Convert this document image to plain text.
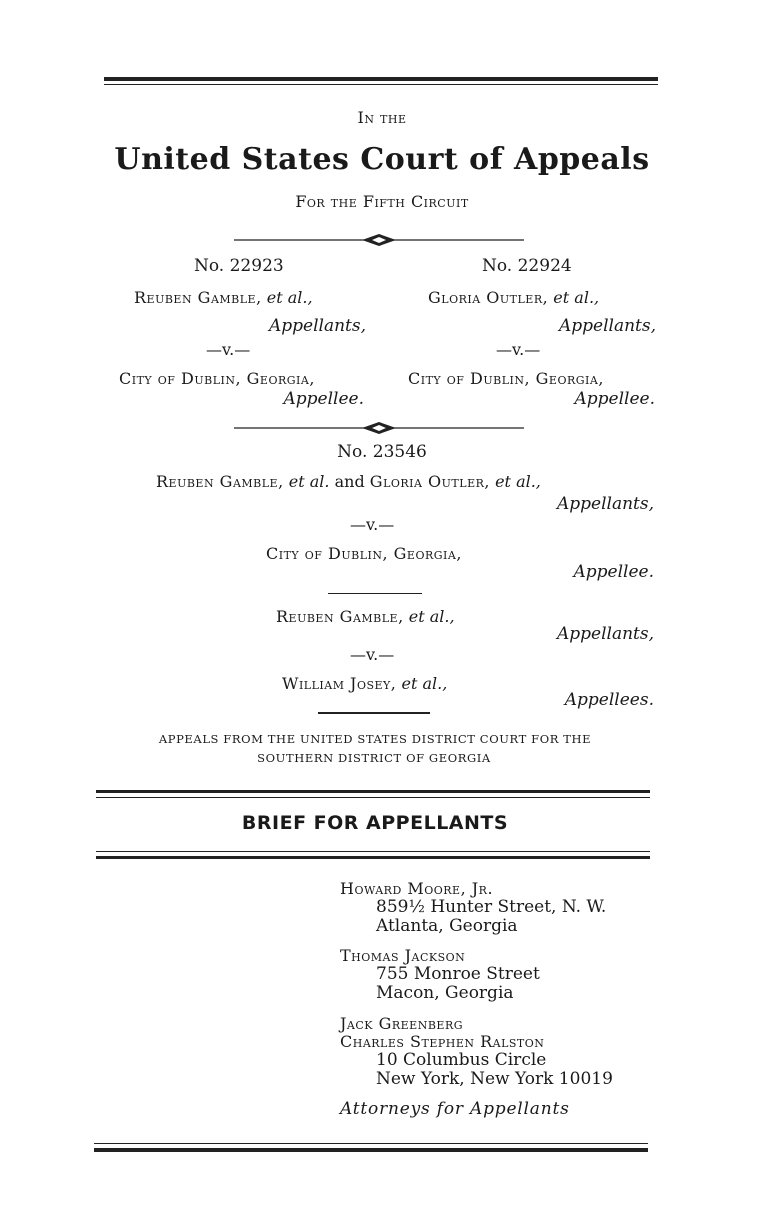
In the
United States Court of Appeals
For the Fifth Circuit
No. 22923
Reuben Gamble, et al.,
Appellants,
—v.—
City of Dublin, Georgia,
Appellee.
No. 22924
Gloria Outler, et al.,
Appellants,
—v.—
City of Dublin, Georgia,
Appellee.
No. 23546
Reuben Gamble, et al. and Gloria Outler, et al.,
Appellants,
—v.—
City of Dublin, Georgia,
Appellee.
Reuben Gamble, et al.,
Appellants,
—v.—
William Josey, et al.,
Appellees.
APPEALS FROM THE UNITED STATES DISTRICT COURT FOR THE
SOUTHERN DISTRICT OF GEORGIA
BRIEF FOR APPELLANTS
Howard Moore, Jr.
859½ Hunter Street, N. W.
Atlanta, Georgia
Thomas Jackson
755 Monroe Street
Macon, Georgia
Jack Greenberg
Charles Stephen Ralston
10 Columbus Circle
New York, New York 10019
Attorneys for Appellants
